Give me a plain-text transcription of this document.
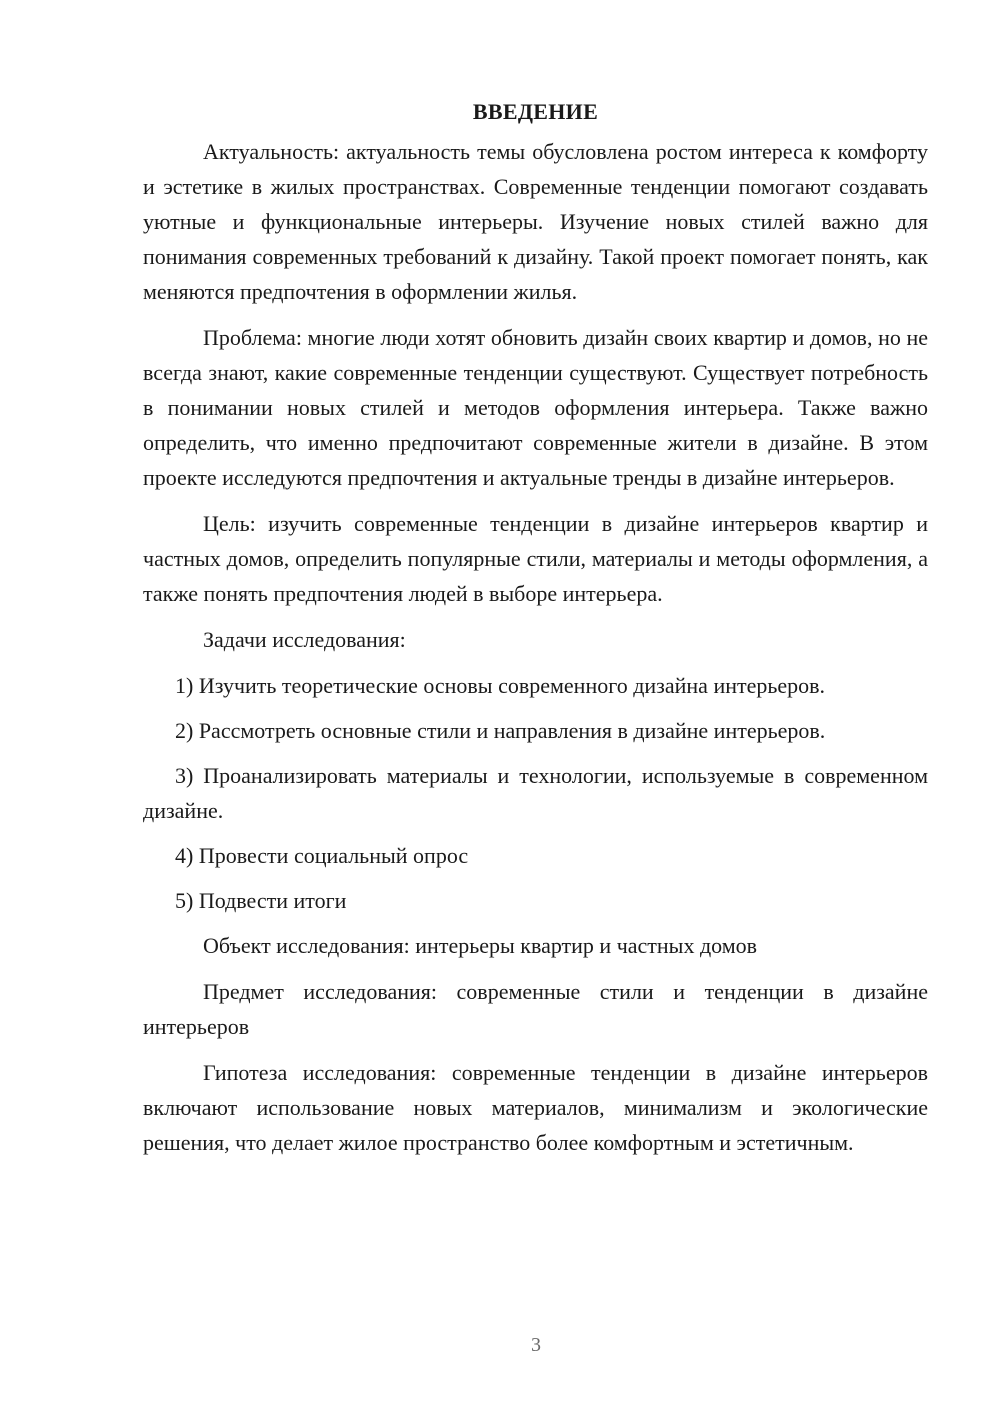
ВВЕДЕНИЕ

Актуальность: актуальность темы обусловлена ростом интереса к комфорту и эстетике в жилых пространствах. Современные тенденции помогают создавать уютные и функциональные интерьеры. Изучение новых стилей важно для понимания современных требований к дизайну. Такой проект помогает понять, как меняются предпочтения в оформлении жилья.

Проблема: многие люди хотят обновить дизайн своих квартир и домов, но не всегда знают, какие современные тенденции существуют. Существует потребность в понимании новых стилей и методов оформления интерьера. Также важно определить, что именно предпочитают современные жители в дизайне. В этом проекте исследуются предпочтения и актуальные тренды в дизайне интерьеров.

Цель: изучить современные тенденции в дизайне интерьеров квартир и частных домов, определить популярные стили, материалы и методы оформления, а также понять предпочтения людей в выборе интерьера.

Задачи исследования:

1) Изучить теоретические основы современного дизайна интерьеров.

2) Рассмотреть основные стили и направления в дизайне интерьеров.

3) Проанализировать материалы и технологии, используемые в современном дизайне.

4) Провести социальный опрос

5) Подвести итоги

Объект исследования: интерьеры квартир и частных домов

Предмет исследования: современные стили и тенденции в дизайне интерьеров

Гипотеза исследования: современные тенденции в дизайне интерьеров включают использование новых материалов, минимализм и экологические решения, что делает жилое пространство более комфортным и эстетичным.

3
